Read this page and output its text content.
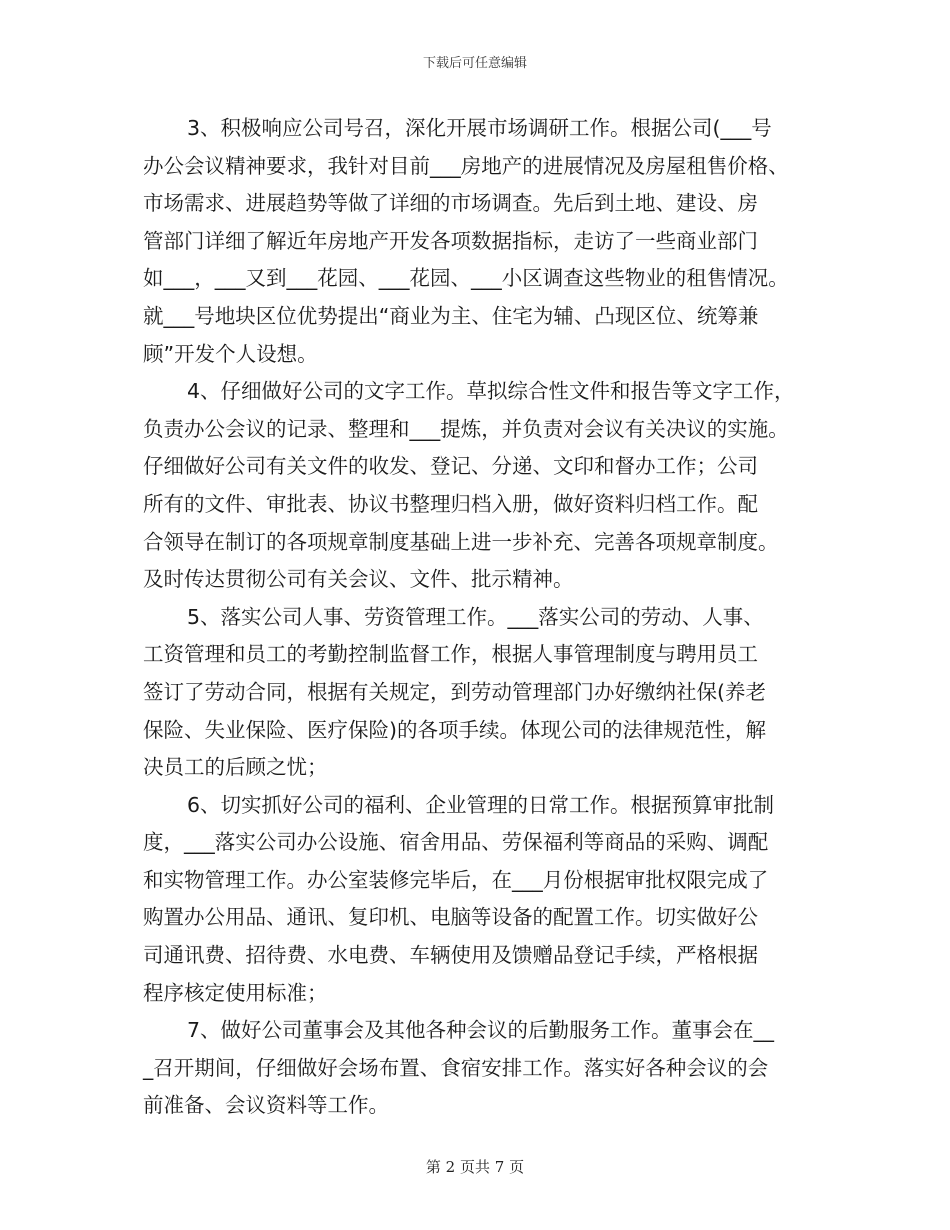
下载后可任意编辑
3、积极响应公司号召，深化开展市场调研工作。根据公司(___号
办公会议精神要求，我针对目前___房地产的进展情况及房屋租售价格、
市场需求、进展趋势等做了详细的市场调查。先后到土地、建设、房
管部门详细了解近年房地产开发各项数据指标，走访了一些商业部门
如___，___又到___花园、___花园、___小区调查这些物业的租售情况。
就___号地块区位优势提出“商业为主、住宅为辅、凸现区位、统筹兼
顾”开发个人设想。
4、仔细做好公司的文字工作。草拟综合性文件和报告等文字工作，
负责办公会议的记录、整理和___提炼，并负责对会议有关决议的实施。
仔细做好公司有关文件的收发、登记、分递、文印和督办工作；公司
所有的文件、审批表、协议书整理归档入册，做好资料归档工作。配
合领导在制订的各项规章制度基础上进一步补充、完善各项规章制度。
及时传达贯彻公司有关会议、文件、批示精神。
5、落实公司人事、劳资管理工作。___落实公司的劳动、人事、
工资管理和员工的考勤控制监督工作，根据人事管理制度与聘用员工
签订了劳动合同，根据有关规定，到劳动管理部门办好缴纳社保(养老
保险、失业保险、医疗保险)的各项手续。体现公司的法律规范性，解
决员工的后顾之忧；
6、切实抓好公司的福利、企业管理的日常工作。根据预算审批制
度，___落实公司办公设施、宿舍用品、劳保福利等商品的采购、调配
和实物管理工作。办公室装修完毕后，在___月份根据审批权限完成了
购置办公用品、通讯、复印机、电脑等设备的配置工作。切实做好公
司通讯费、招待费、水电费、车辆使用及馈赠品登记手续，严格根据
程序核定使用标准；
7、做好公司董事会及其他各种会议的后勤服务工作。董事会在__
_召开期间，仔细做好会场布置、食宿安排工作。落实好各种会议的会
前准备、会议资料等工作。
第 2 页共 7 页
